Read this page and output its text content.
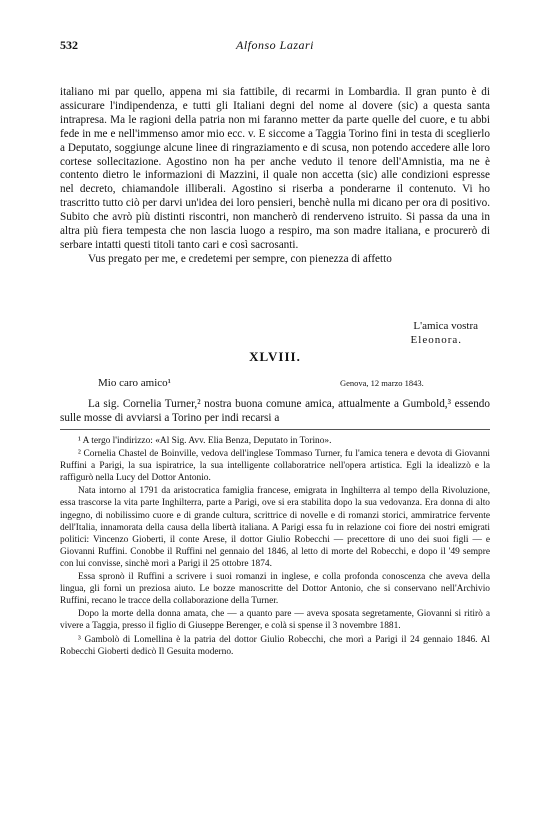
532	Alfonso Lazari

italiano mi par quello, appena mi sia fattibile, di recarmi in Lombardia. Il gran punto è di assicurare l'indipendenza, e tutti gli Italiani degni del nome al dovere (sic) a questa santa intrapresa. Ma le ragioni della patria non mi faranno metter da parte quelle del cuore, e tu abbi fede in me e nell'immenso amor mio ecc. v. E siccome a Taggia Torino fini in testa di sceglierlo a Deputato, soggiunge alcune linee di ringraziamento e di scusa, non potendo accedere alle loro cortese sollecitazione. Agostino non ha per anche veduto il tenore dell'Amnistia, ma ne è contento dietro le informazioni di Mazzini, il quale non accetta (sic) alle condizioni espresse nel decreto, chiamandole illiberali. Agostino si riserba a ponderarne il contenuto. Vi ho trascritto tutto ciò per darvi un'idea dei loro pensieri, benchè nulla mi dicano per ora di positivo. Subito che avrò più distinti riscontri, non mancherò di renderveno istruito. Si passa da una in altra più fiera tempesta che non lascia luogo a respiro, ma son madre italiana, e procurerò di serbare intatti questi titoli tanto cari e così sacrosanti.

Vus pregato per me, e credetemi per sempre, con pienezza di affetto

L'amica vostra
Eleonora.
XLVIII.
Mio caro amico¹	Genova, 12 marzo 1843.

La sig. Cornelia Turner,² nostra buona comune amica, attualmente a Gumbold,³ essendo sulle mosse di avviarsi a Torino per indi recarsi a

¹ A tergo l'indirizzo: «Al Sig. Avv. Elia Benza, Deputato in Torino».

² Cornelia Chastel de Boinville, vedova dell'inglese Tommaso Turner, fu l'amica tenera e devota di Giovanni Ruffini a Parigi, la sua ispiratrice, la sua intelligente collaboratrice nell'opera artistica. Egli la idealizzò e la raffigurò nella Lucy del Dottor Antonio.

Nata intorno al 1791 da aristocratica famiglia francese, emigrata in Inghilterra al tempo della Rivoluzione, essa trascorse la vita parte Inghilterra, parte a Parigi, ove si era stabilita dopo la sua vedovanza. Era donna di alto ingegno, di nobilissimo cuore e di grande cultura, scrittrice di novelle e di romanzi storici, ammiratrice fervente dell'Italia, innamorata della causa della libertà italiana. A Parigi essa fu in relazione coi fiore dei nostri emigrati politici: Vincenzo Gioberti, il conte Arese, il dottor Giulio Robecchi — precettore di uno dei suoi figli — e Giovanni Ruffini. Conobbe il Ruffini nel gennaio del 1846, al letto di morte del Robecchi, e dopo il '49 sempre con lui convisse, sinchè morì a Parigi il 25 ottobre 1874.

Essa spronò il Ruffini a scrivere i suoi romanzi in inglese, e colla profonda conoscenza che aveva della lingua, gli fornì un preziosa aiuto. Le bozze manoscritte del Dottor Antonio, che si conservano nell'Archivio Ruffini, recano le tracce della collaborazione della Turner.

Dopo la morte della donna amata, che — a quanto pare — aveva sposata segretamente, Giovanni si ritirò a vivere a Taggia, presso il figlio di Giuseppe Berenger, e colà si spense il 3 novembre 1881.

³ Gambolò di Lomellina è la patria del dottor Giulio Robecchi, che morì a Parigi il 24 gennaio 1846. Al Robecchi Gioberti dedicò Il Gesuita moderno.
